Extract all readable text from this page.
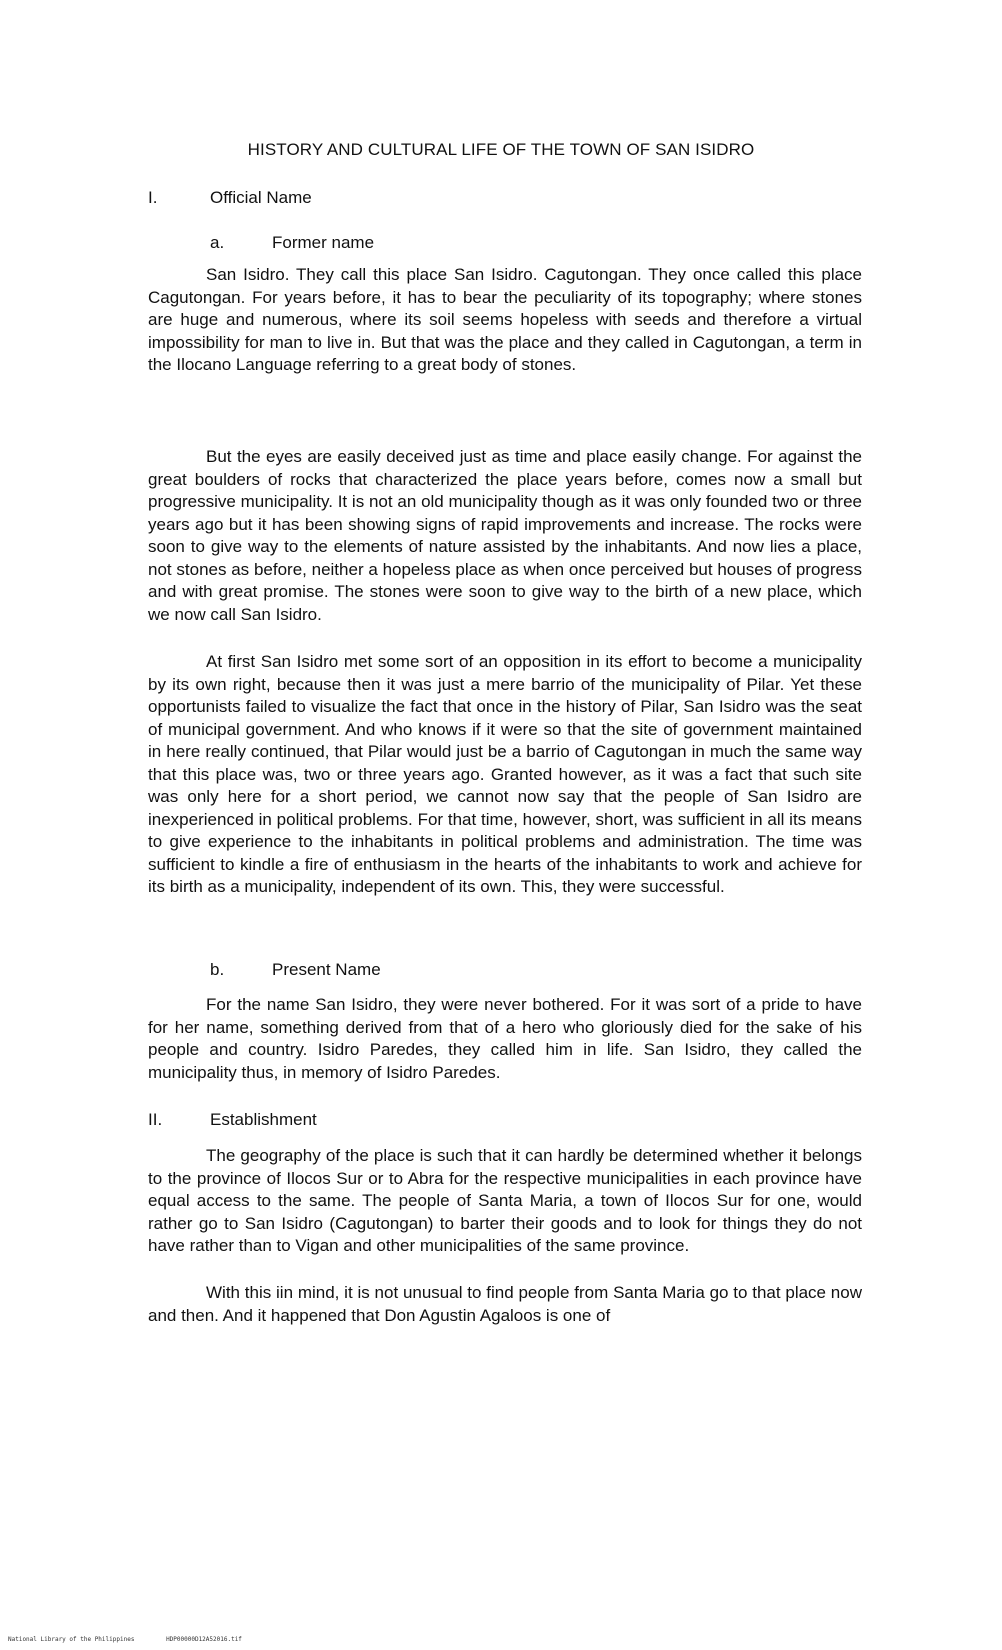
HISTORY AND CULTURAL LIFE OF THE TOWN OF SAN ISIDRO
I.	Official Name
a.	Former name

San Isidro. They call this place San Isidro. Cagutongan. They once called this place Cagutongan. For years before, it has to bear the peculiarity of its topography; where stones are huge and numerous, where its soil seems hopeless with seeds and therefore a virtual impossibility for man to live in. But that was the place and they called in Cagutongan, a term in the Ilocano Language referring to a great body of stones.

But the eyes are easily deceived just as time and place easily change. For against the great boulders of rocks that characterized the place years before, comes now a small but progressive municipality. It is not an old municipality though as it was only founded two or three years ago but it has been showing signs of rapid improvements and increase. The rocks were soon to give way to the elements of nature assisted by the inhabitants. And now lies a place, not stones as before, neither a hopeless place as when once perceived but houses of progress and with great promise. The stones were soon to give way to the birth of a new place, which we now call San Isidro.

At first San Isidro met some sort of an opposition in its effort to become a municipality by its own right, because then it was just a mere barrio of the municipality of Pilar. Yet these opportunists failed to visualize the fact that once in the history of Pilar, San Isidro was the seat of municipal government. And who knows if it were so that the site of government maintained in here really continued, that Pilar would just be a barrio of Cagutongan in much the same way that this place was, two or three years ago. Granted however, as it was a fact that such site was only here for a short period, we cannot now say that the people of San Isidro are inexperienced in political problems. For that time, however, short, was sufficient in all its means to give experience to the inhabitants in political problems and administration. The time was sufficient to kindle a fire of enthusiasm in the hearts of the inhabitants to work and achieve for its birth as a municipality, independent of its own. This, they were successful.

b.	Present Name

For the name San Isidro, they were never bothered. For it was sort of a pride to have for her name, something derived from that of a hero who gloriously died for the sake of his people and country. Isidro Paredes, they called him in life. San Isidro, they called the municipality thus, in memory of Isidro Paredes.

II.	Establishment

The geography of the place is such that it can hardly be determined whether it belongs to the province of Ilocos Sur or to Abra for the respective municipalities in each province have equal access to the same. The people of Santa Maria, a town of Ilocos Sur for one, would rather go to San Isidro (Cagutongan) to barter their goods and to look for things they do not have rather than to Vigan and other municipalities of the same province.

With this iin mind, it is not unusual to find people from Santa Maria go to that place now and then. And it happened that Don Agustin Agaloos is one of

National Library of the Philippines	HDP00000D12A52016.tif
